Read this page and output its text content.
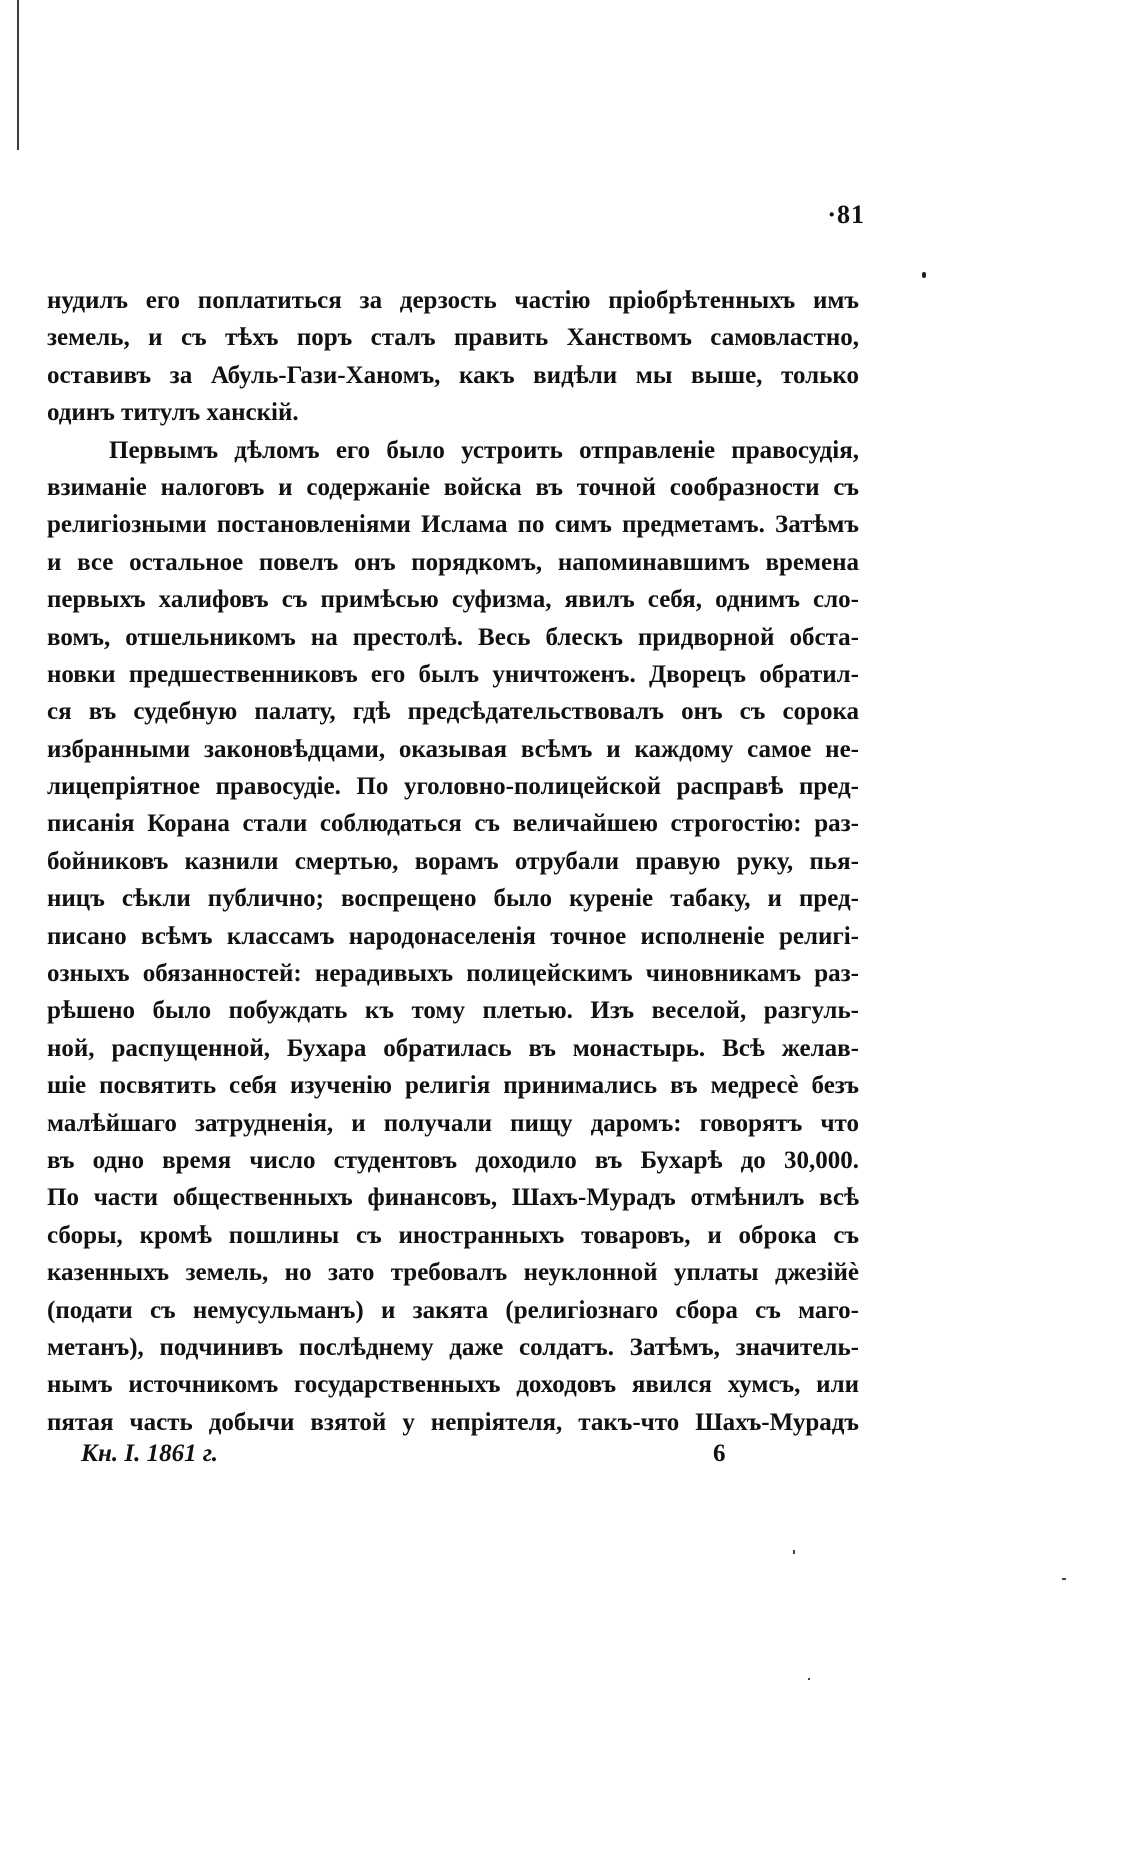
·81
нудилъ его поплатиться за дерзость частію пріобрѣтенныхъ имъ
земель, и съ тѣхъ поръ сталъ править Ханствомъ самовластно,
оставивъ за Абуль-Гази-Ханомъ, какъ видѣли мы выше, только
одинъ титулъ ханскій.
Первымъ дѣломъ его было устроить отправленіе правосудія,
взиманіе налоговъ и содержаніе войска въ точной сообразности съ
религіозными постановленіями Ислама по симъ предметамъ. Затѣмъ
и все остальное повелъ онъ порядкомъ, напоминавшимъ времена
первыхъ халифовъ съ примѣсью суфизма, явилъ себя, однимъ сло-
вомъ, отшельникомъ на престолѣ. Весь блескъ придворной обста-
новки предшественниковъ его былъ уничтоженъ. Дворецъ обратил-
ся въ судебную палату, гдѣ предсѣдательствовалъ онъ съ сорока
избранными законовѣдцами, оказывая всѣмъ и каждому самое не-
лицепріятное правосудіе. По уголовно-полицейской расправѣ пред-
писанія Корана стали соблюдаться съ величайшею строгостію: раз-
бойниковъ казнили смертью, ворамъ отрубали правую руку, пья-
ницъ сѣкли публично; воспрещено было куреніе табаку, и пред-
писано всѣмъ классамъ народонаселенія точное исполненіе религі-
озныхъ обязанностей: нерадивыхъ полицейскимъ чиновникамъ раз-
рѣшено было побуждать къ тому плетью. Изъ веселой, разгуль-
ной, распущенной, Бухара обратилась въ монастырь. Всѣ желав-
шіе посвятить себя изученію религія принимались въ медресѐ безъ
малѣйшаго затрудненія, и получали пищу даромъ: говорятъ что
въ одно время число студентовъ доходило въ Бухарѣ до 30,000.
По части общественныхъ финансовъ, Шахъ-Мурадъ отмѣнилъ всѣ
сборы, кромѣ пошлины съ иностранныхъ товаровъ, и оброка съ
казенныхъ земель, но зато требовалъ неуклонной уплаты джезійѐ
(подати съ немусульманъ) и закята (религіознаго сбора съ маго-
метанъ), подчинивъ послѣднему даже солдатъ. Затѣмъ, значитель-
нымъ источникомъ государственныхъ доходовъ явился хумсъ, или
пятая часть добычи взятой у непріятеля, такъ-что Шахъ-Мурадъ
Кн. I. 1861 г.	6
